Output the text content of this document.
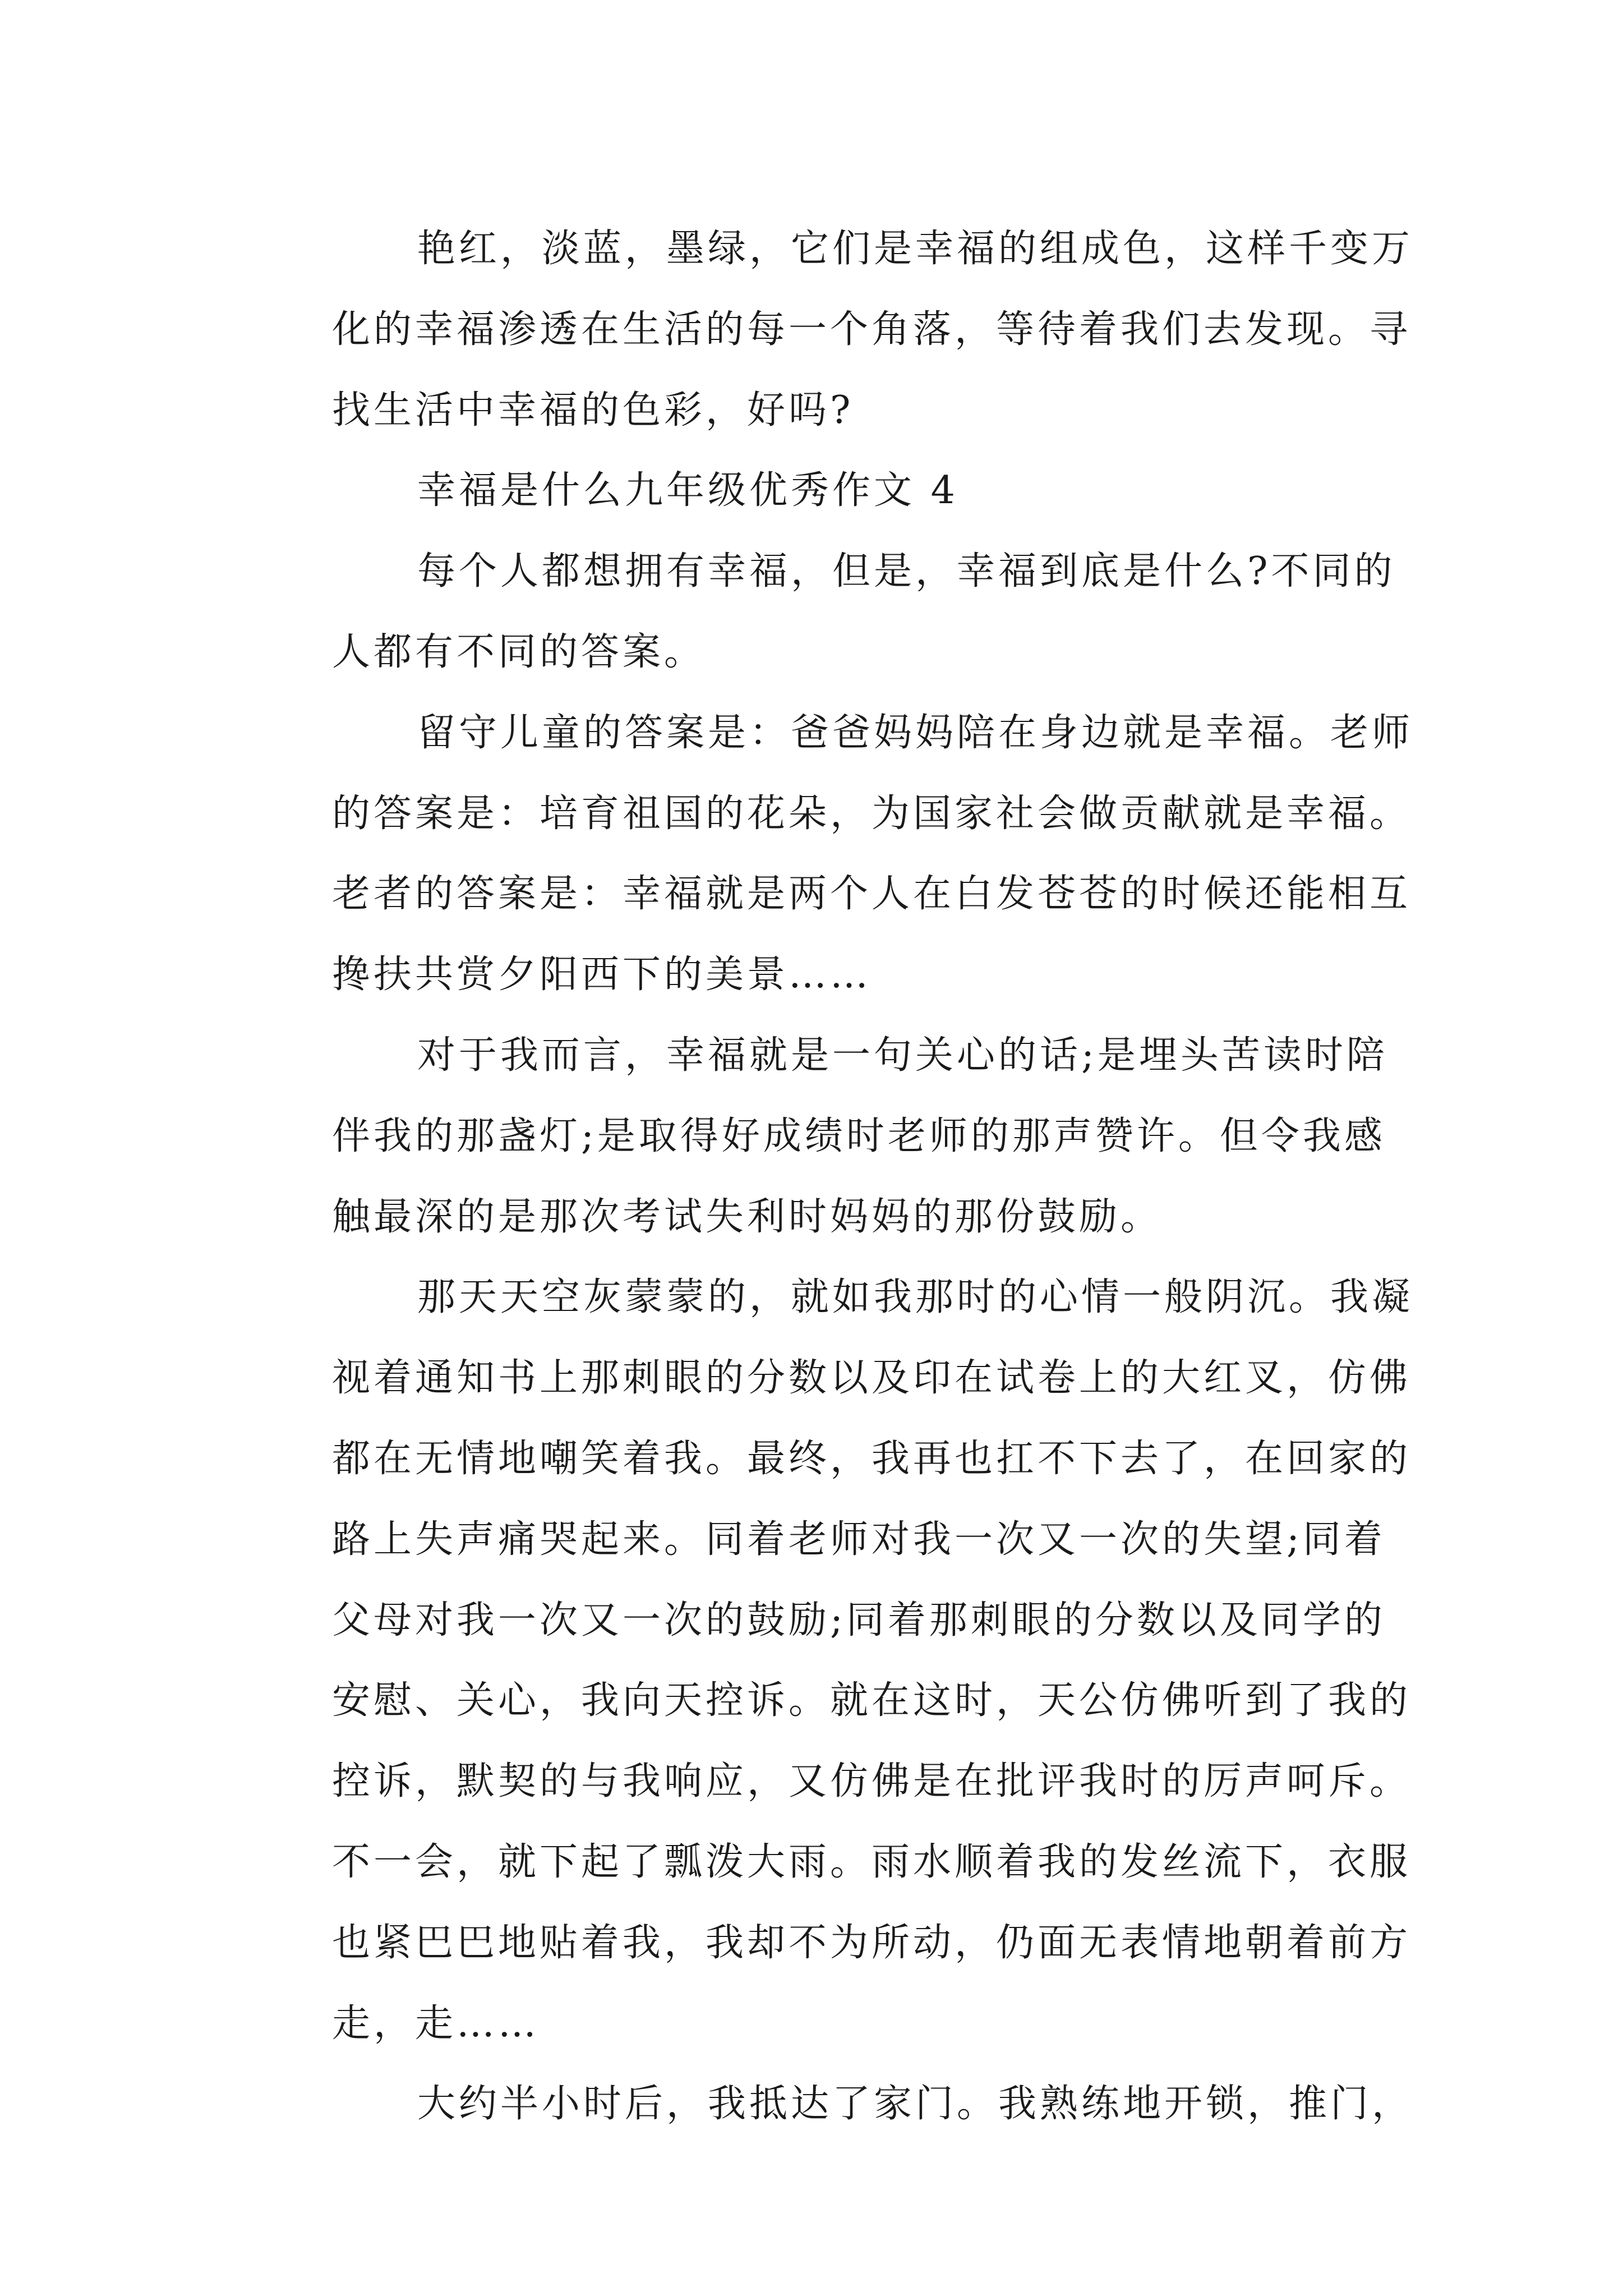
艳红，淡蓝，墨绿，它们是幸福的组成色，这样千变万
化的幸福渗透在生活的每一个角落，等待着我们去发现。寻
找生活中幸福的色彩，好吗?
幸福是什么九年级优秀作文 4
每个人都想拥有幸福，但是，幸福到底是什么?不同的
人都有不同的答案。
留守儿童的答案是：爸爸妈妈陪在身边就是幸福。老师
的答案是：培育祖国的花朵，为国家社会做贡献就是幸福。
老者的答案是：幸福就是两个人在白发苍苍的时候还能相互
搀扶共赏夕阳西下的美景……
对于我而言，幸福就是一句关心的话;是埋头苦读时陪
伴我的那盏灯;是取得好成绩时老师的那声赞许。但令我感
触最深的是那次考试失利时妈妈的那份鼓励。
那天天空灰蒙蒙的，就如我那时的心情一般阴沉。我凝
视着通知书上那刺眼的分数以及印在试卷上的大红叉，仿佛
都在无情地嘲笑着我。最终，我再也扛不下去了，在回家的
路上失声痛哭起来。同着老师对我一次又一次的失望;同着
父母对我一次又一次的鼓励;同着那刺眼的分数以及同学的
安慰、关心，我向天控诉。就在这时，天公仿佛听到了我的
控诉，默契的与我响应，又仿佛是在批评我时的厉声呵斥。
不一会，就下起了瓢泼大雨。雨水顺着我的发丝流下，衣服
也紧巴巴地贴着我，我却不为所动，仍面无表情地朝着前方
走，走……
大约半小时后，我抵达了家门。我熟练地开锁，推门，
